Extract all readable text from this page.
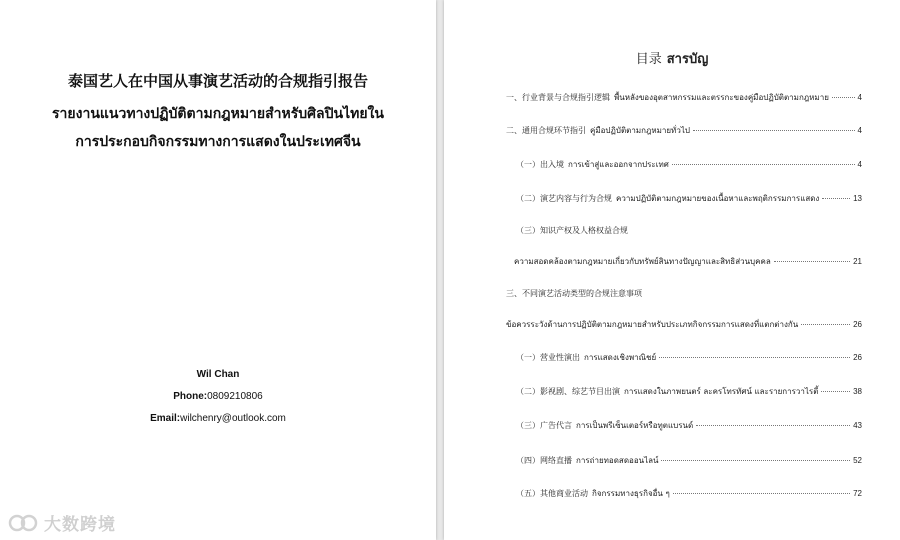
泰国艺人在中国从事演艺活动的合规指引报告
รายงานแนวทางปฏิบัติตามกฎหมายสำหรับศิลปินไทยใน
การประกอบกิจกรรมทางการแสดงในประเทศจีน
Wil Chan
Phone:0809210806
Email:wilchenry@outlook.com
大数跨境
目录 สารบัญ
一、行业背景与合规指引逻辑 พื้นหลังของอุตสาหกรรมและตรรกะของคู่มือปฏิบัติตามกฎหมาย	4
二、通用合规环节指引 คู่มือปฏิบัติตามกฎหมายทั่วไป	4
（一）出入境 การเข้าสู่และออกจากประเทศ	4
（二）演艺内容与行为合规 ความปฏิบัติตามกฎหมายของเนื้อหาและพฤติกรรมการแสดง	13
（三）知识产权及人格权益合规
ความสอดคล้องตามกฎหมายเกี่ยวกับทรัพย์สินทางปัญญาและสิทธิส่วนบุคคล	21
三、不同演艺活动类型的合规注意事项
ข้อควรระวังด้านการปฏิบัติตามกฎหมายสำหรับประเภทกิจกรรมการแสดงที่แตกต่างกัน	26
（一）营业性演出 การแสดงเชิงพาณิชย์	26
（二）影视剧、综艺节目出演 การแสดงในภาพยนตร์ ละครโทรทัศน์ และรายการวาไรตี้	38
（三）广告代言 การเป็นพรีเซ็นเตอร์หรือทูตแบรนด์	43
（四）网络直播 การถ่ายทอดสดออนไลน์	52
（五）其他商业活动 กิจกรรมทางธุรกิจอื่น ๆ	72
